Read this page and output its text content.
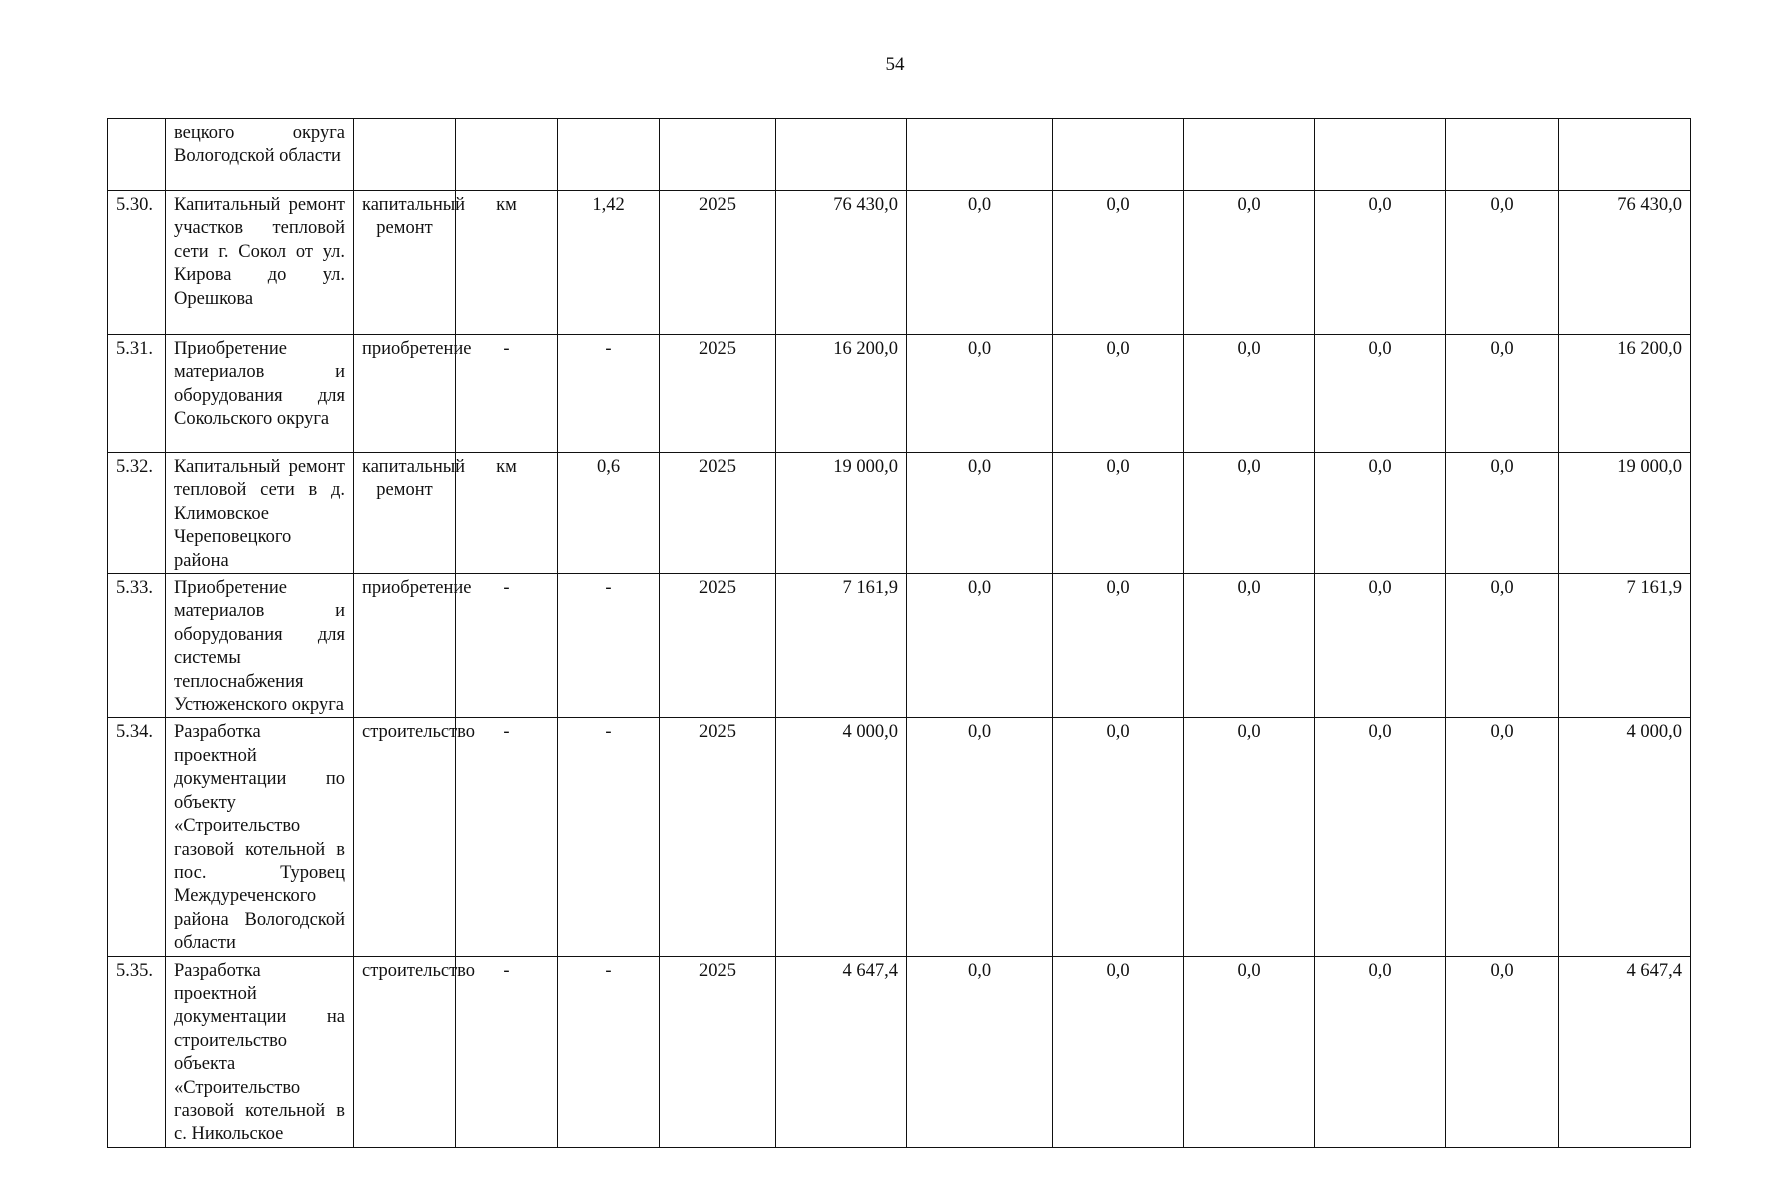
54
	вецкого округа Вологодской области											
5.30.	Капитальный ремонт участков тепловой сети г. Сокол от ул. Кирова до ул. Орешкова	капитальный ремонт	км	1,42	2025	76 430,0	0,0	0,0	0,0	0,0	0,0	76 430,0
5.31.	Приобретение материалов и оборудования для Сокольского округа	приобретение	-	-	2025	16 200,0	0,0	0,0	0,0	0,0	0,0	16 200,0
5.32.	Капитальный ремонт тепловой сети в д. Климовское Череповецкого района	капитальный ремонт	км	0,6	2025	19 000,0	0,0	0,0	0,0	0,0	0,0	19 000,0
5.33.	Приобретение материалов и оборудования для системы теплоснабжения Устюженского округа	приобретение	-	-	2025	7 161,9	0,0	0,0	0,0	0,0	0,0	7 161,9
5.34.	Разработка проектной документации по объекту «Строительство газовой котельной в пос. Туровец Междуреченского района Вологодской области	строительство	-	-	2025	4 000,0	0,0	0,0	0,0	0,0	0,0	4 000,0
5.35.	Разработка проектной документации на строительство объекта «Строительство газовой котельной в с. Никольское	строительство	-	-	2025	4 647,4	0,0	0,0	0,0	0,0	0,0	4 647,4
